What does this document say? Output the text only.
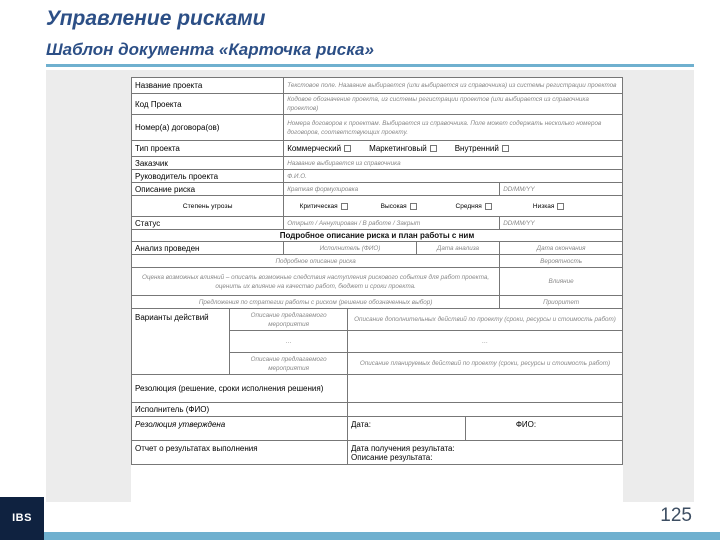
Управление рисками
Шаблон документа «Карточка риска»
Название проекта		Текстовое поле. Название выбирается (или выбирается из справочника) из системы регистрации проектов				
Код Проекта		Кодовое обозначение проекта, из системы регистрации проектов (или выбирается из справочника проектов)				
Номер(а) договора(ов)		Номера договоров к проектам. Выбирается из справочника. Поле может содержать несколько номеров договоров, соответствующих проекту.				
Тип проекта		Коммерческий Маркетинговый Внутренний				
Заказчик		Название выбирается из справочника				
Руководитель проекта		Ф.И.О.				
Описание риска		Краткая формулировка				DD/MM/YY
Степень угрозы		Критическая Высокая Средняя Низкая				
Статус		Открыт / Аннулирован / В работе / Закрыт				DD/MM/YY
Подробное описание риска и план работы с ним						
Анализ проведен		Исполнитель (ФИО)		Дата анализа		Дата окончания
Подробное описание риска						Вероятность
Оценка возможных влияний – описать возможные следствия наступления рискового события для работ проекта, оценить их влияние на качество работ, бюджет и сроки проекта.						Влияние
Предложения по стратегии работы с риском (решение обозначенных выбор)						Приоритет
Варианты действий	Описание предлагаемого мероприятия		Описание дополнительных действий по проекту (сроки, ресурсы и стоимость работ)			
	…		…			
	Описание предлагаемого мероприятия		Описание планируемых действий по проекту (сроки, ресурсы и стоимость работ)			
Резолюция (решение, сроки исполнения решения)						
Исполнитель (ФИО)						
Резолюция утверждена			Дата:		ФИО:	
Отчет о результатах выполнения			Дата получения результата:
Описание результата:			
IBS	125
